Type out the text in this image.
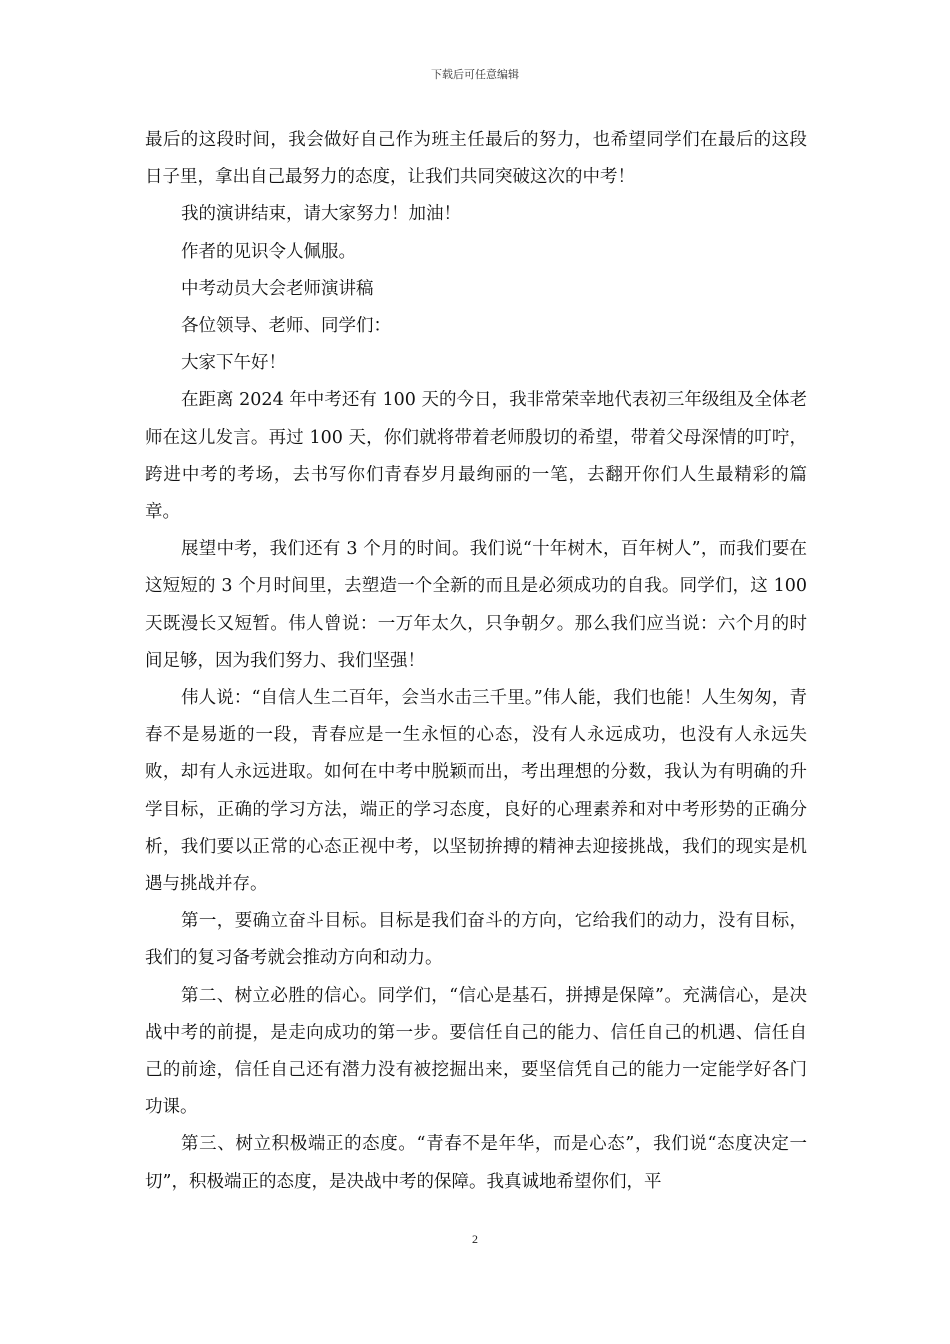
下载后可任意编辑

最后的这段时间，我会做好自己作为班主任最后的努力，也希望同学们在最后的这段日子里，拿出自己最努力的态度，让我们共同突破这次的中考！

我的演讲结束，请大家努力！加油！

作者的见识令人佩服。

中考动员大会老师演讲稿

各位领导、老师、同学们：

大家下午好！

在距离 2024 年中考还有 100 天的今日，我非常荣幸地代表初三年级组及全体老师在这儿发言。再过 100 天，你们就将带着老师殷切的希望，带着父母深情的叮咛，跨进中考的考场，去书写你们青春岁月最绚丽的一笔，去翻开你们人生最精彩的篇章。

展望中考，我们还有 3 个月的时间。我们说“十年树木，百年树人”，而我们要在这短短的 3 个月时间里，去塑造一个全新的而且是必须成功的自我。同学们，这 100 天既漫长又短暂。伟人曾说：一万年太久，只争朝夕。那么我们应当说：六个月的时间足够，因为我们努力、我们坚强！

伟人说：“自信人生二百年，会当水击三千里。”伟人能，我们也能！人生匆匆，青春不是易逝的一段，青春应是一生永恒的心态，没有人永远成功，也没有人永远失败，却有人永远进取。如何在中考中脱颖而出，考出理想的分数，我认为有明确的升学目标，正确的学习方法，端正的学习态度，良好的心理素养和对中考形势的正确分析，我们要以正常的心态正视中考，以坚韧拚搏的精神去迎接挑战，我们的现实是机遇与挑战并存。

第一，要确立奋斗目标。目标是我们奋斗的方向，它给我们的动力，没有目标，我们的复习备考就会推动方向和动力。

第二、树立必胜的信心。同学们，“信心是基石，拼搏是保障”。充满信心，是决战中考的前提，是走向成功的第一步。要信任自己的能力、信任自己的机遇、信任自己的前途，信任自己还有潜力没有被挖掘出来，要坚信凭自己的能力一定能学好各门功课。

第三、树立积极端正的态度。“青春不是年华，而是心态”，我们说“态度决定一切”，积极端正的态度，是决战中考的保障。我真诚地希望你们，平

2
